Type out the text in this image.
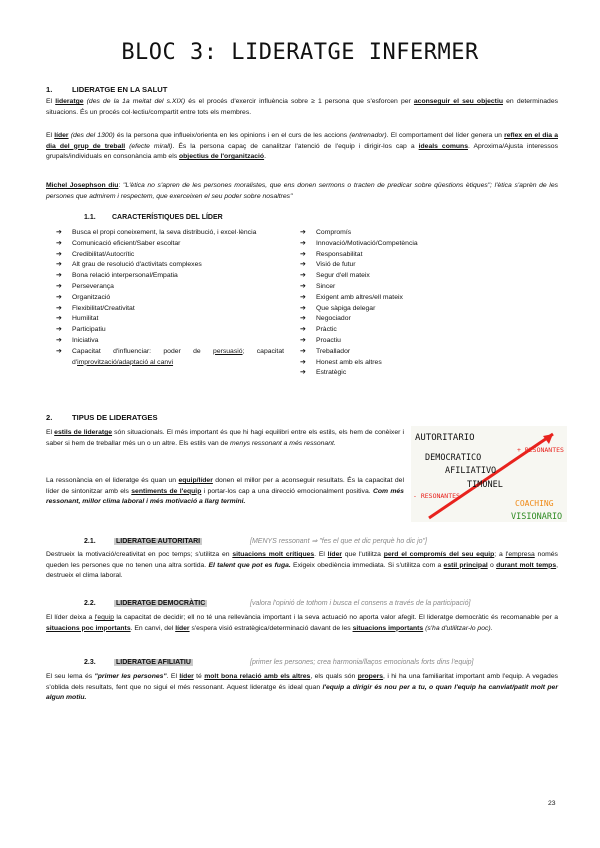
BLOC 3: LIDERATGE INFERMER
1.	LIDERATGE EN LA SALUT
El lideratge (des de la 1a meitat del s.XIX) és el procés d'exercir influència sobre ≥ 1 persona que s'esforcen per aconseguir el seu objectiu en determinades situacions. És un procés col·lectiu/compartit entre tots els membres.
El líder (des del 1300) és la persona que influeix/orienta en les opinions i en el curs de les accions (entrenador). El comportament del líder genera un reflex en el dia a dia del grup de treball (efecte mirall). És la persona capaç de canalitzar l'atenció de l'equip i dirigir-los cap a ideals comuns. Aproxima/Ajusta interessos grupals/individuals en consonància amb els objectius de l'organització.
Michel Josephson diu: "L'ètica no s'apren de les persones moralistes, que ens donen sermons o tracten de predicar sobre qüestions ètiques"; l'ètica s'aprèn de les persones que admirem i respectem, que exerceixen el seu poder sobre nosaltres"
1.1. CARACTERÍSTIQUES DEL LÍDER
➔ Busca el propi coneixement, la seva distribució, i excel·lència
➔ Comunicació eficient/Saber escoltar
➔ Credibilitat/Autocrític
➔ Alt grau de resolució d'activitats complexes
➔ Bona relació interpersonal/Empatia
➔ Perseverança
➔ Organització
➔ Flexibilitat/Creativitat
➔ Humilitat
➔ Participatiu
➔ Iniciativa
➔ Capacitat d'influenciar: poder de persuasió; capacitat d'improvització/adaptació al canvi
➔ Compromís
➔ Innovació/Motivació/Competència
➔ Responsabilitat
➔ Visió de futur
➔ Segur d'ell mateix
➔ Sincer
➔ Exigent amb altres/ell mateix
➔ Que sàpiga delegar
➔ Negociador
➔ Pràctic
➔ Proactiu
➔ Treballador
➔ Honest amb els altres
➔ Estratègic
2.	TIPUS DE LIDERATGES
El estils de lideratge són situacionals. El més important és que hi hagi equilibri entre els estils, els hem de conèixer i saber si hem de treballar més un o un altre. Els estils van de menys ressonant a més ressonant.
La ressonància en el lideratge és quan un equip/líder donen el millor per a aconseguir resultats. És la capacitat del líder de sintonitzar amb els sentiments de l'equip i portar-los cap a una direcció emocionalment positiva. Com més ressonant, millor clima laboral i més motivació a llarg termini.
AUTORITARIO
DEMOCRATICO
AFILIATIVO
TIMONEL
COACHING
VISIONARIO
+ RESONANTES
- RESONANTES
2.1.	LIDERATGE AUTORITARI	[MENYS ressonant ⇒ "fes el que et dic perquè ho dic jo"]
Destrueix la motivació/creativitat en poc temps; s'utilitza en situacions molt crítiques. El líder que l'utilitza perd el compromís del seu equip; a l'empresa només queden les persones que no tenen una altra sortida. El talent que pot es fuga. Exigeix obediència immediata. Si s'utilitza com a estil principal o durant molt temps, destrueix el clima laboral.
2.2.	LIDERATGE DEMOCRÀTIC	[valora l'opinió de tothom i busca el consens a través de la participació]
El líder deixa a l'equip la capacitat de decidir; ell no té una rellevància important i la seva actuació no aporta valor afegit. El lideratge democràtic és recomanable per a situacions poc importants. En canvi, del líder s'espera visió estratègica/determinació davant de les situacions importants (s'ha d'utilitzar-lo poc).
2.3.	LIDERATGE AFILIATIU	[primer les persones; crea harmonia/llaços emocionals forts dins l'equip]
El seu lema és "primer les persones". El líder té molt bona relació amb els altres, els quals són propers, i hi ha una familiaritat important amb l'equip. A vegades s'oblida dels resultats, fent que no sigui el més ressonant. Aquest lideratge és ideal quan l'equip a dirigir és nou per a tu, o quan l'equip ha canviat/patit molt per algun motiu.
23
